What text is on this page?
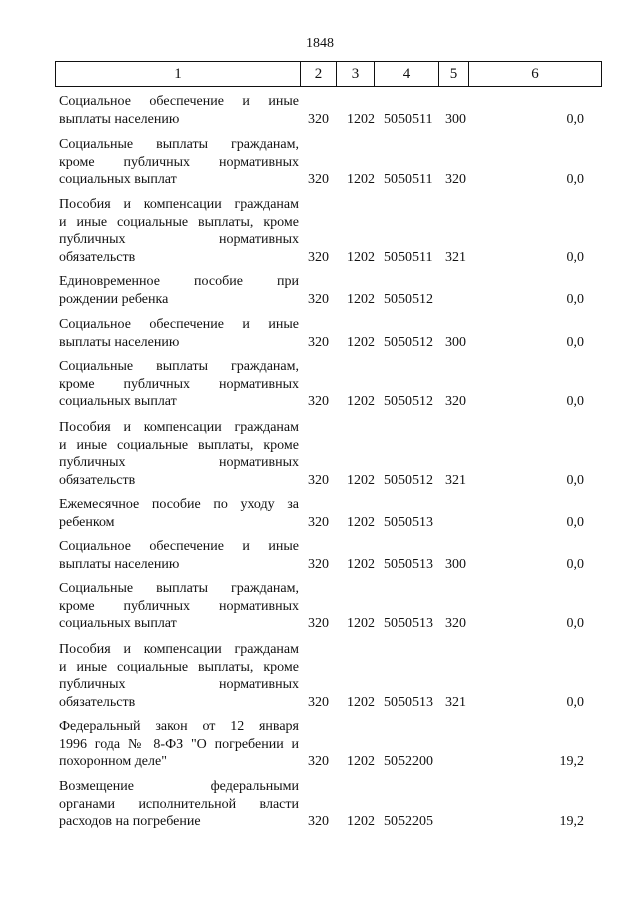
1848
1	2	3	4	5	6
Социальное обеспечение и иные
выплаты населению	320 1202 5050511 300	0,0
Социальные выплаты гражданам,
кроме публичных нормативных
социальных выплат	320 1202 5050511 320	0,0
Пособия и компенсации гражданам
и иные социальные выплаты, кроме
публичных нормативных
обязательств	320 1202 5050511 321	0,0
Единовременное пособие при
рождении ребенка	320 1202 5050512	0,0
Социальное обеспечение и иные
выплаты населению	320 1202 5050512 300	0,0
Социальные выплаты гражданам,
кроме публичных нормативных
социальных выплат	320 1202 5050512 320	0,0
Пособия и компенсации гражданам
и иные социальные выплаты, кроме
публичных нормативных
обязательств	320 1202 5050512 321	0,0
Ежемесячное пособие по уходу за
ребенком	320 1202 5050513	0,0
Социальное обеспечение и иные
выплаты населению	320 1202 5050513 300	0,0
Социальные выплаты гражданам,
кроме публичных нормативных
социальных выплат	320 1202 5050513 320	0,0
Пособия и компенсации гражданам
и иные социальные выплаты, кроме
публичных нормативных
обязательств	320 1202 5050513 321	0,0
Федеральный закон от 12 января
1996 года № 8-ФЗ "О погребении и
похоронном деле"	320 1202 5052200	19,2
Возмещение федеральными
органами исполнительной власти
расходов на погребение	320 1202 5052205	19,2
